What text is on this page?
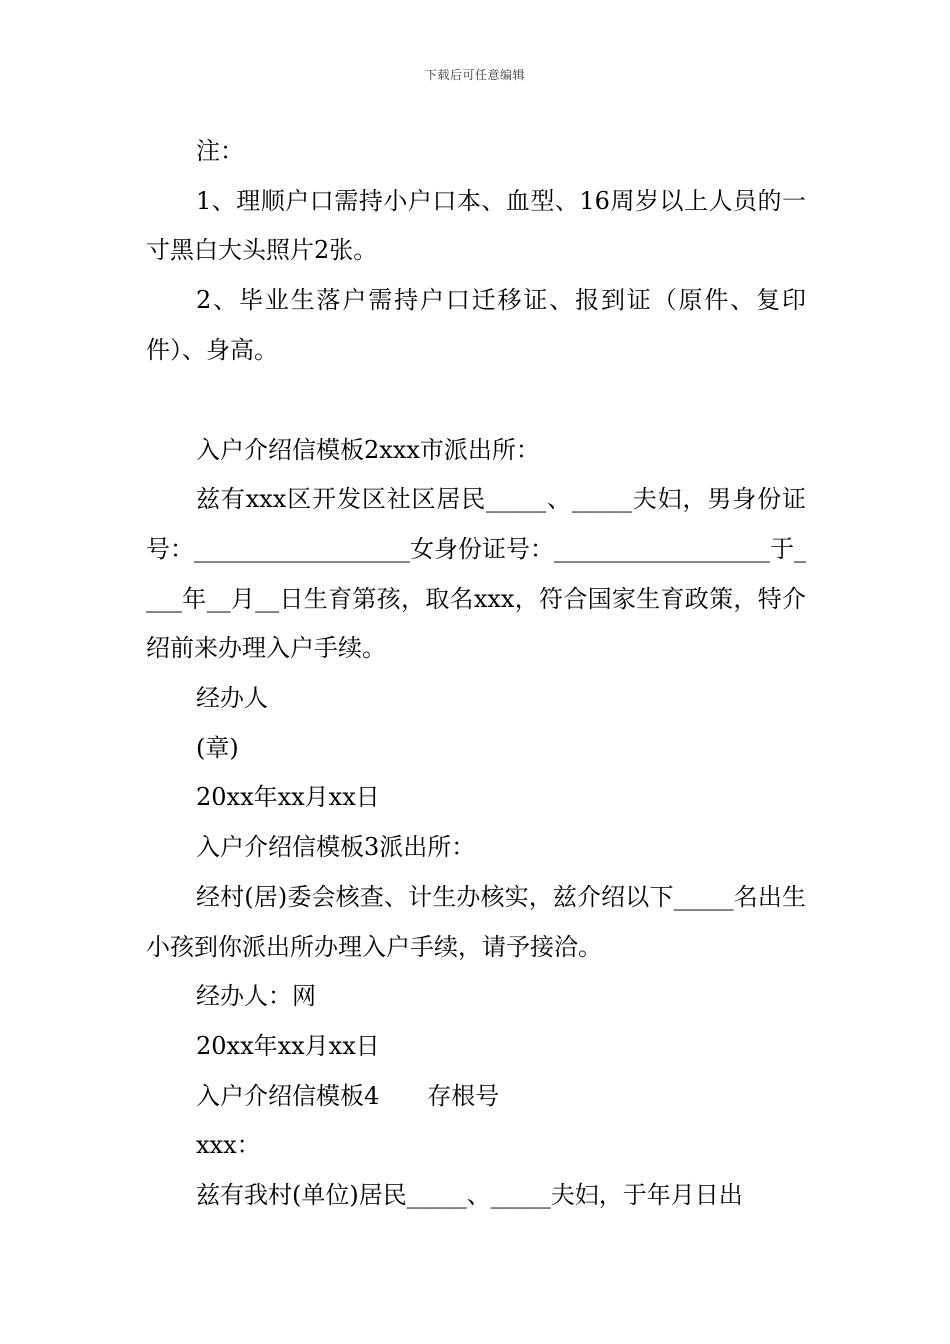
下载后可任意编辑

注：

1、理顺户口需持小户口本、血型、16周岁以上人员的一寸黑白大头照片2张。

2、毕业生落户需持户口迁移证、报到证（原件、复印件）、身高。

入户介绍信模板2xxx市派出所：

兹有xxx区开发区社区居民_____、_____夫妇，男身份证号：__________________女身份证号：__________________于____年__月__日生育第孩，取名xxx，符合国家生育政策，特介绍前来办理入户手续。

经办人

(章)

20xx年xx月xx日

入户介绍信模板3派出所：

经村(居)委会核查、计生办核实，兹介绍以下_____名出生小孩到你派出所办理入户手续，请予接洽。

经办人：网

20xx年xx月xx日

入户介绍信模板4　　存根号

xxx：

兹有我村(单位)居民_____、_____夫妇，于年月日出
